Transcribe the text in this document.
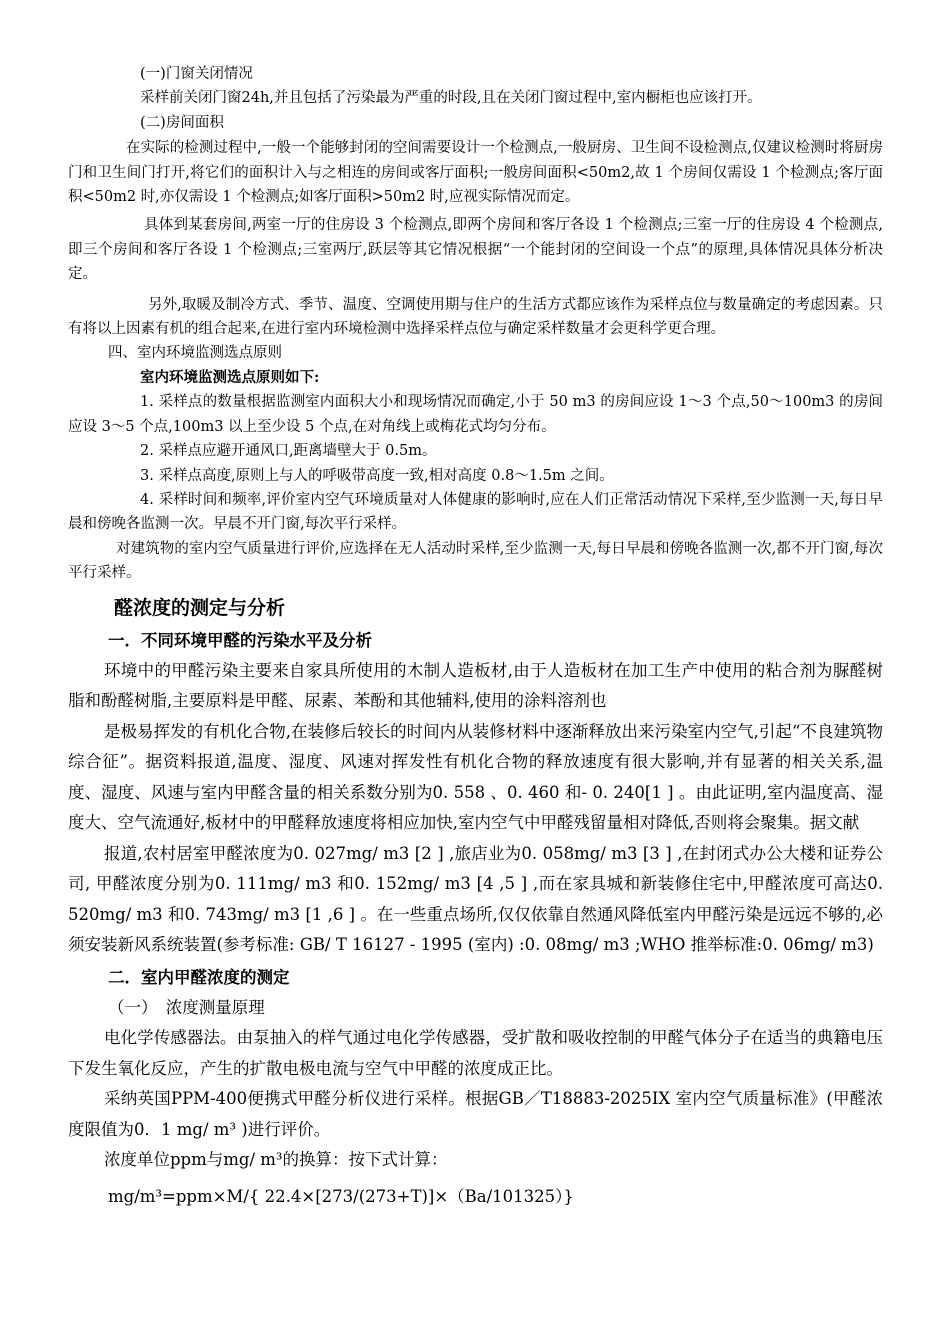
(一)门窗关闭情况

采样前关闭门窗24h,并且包括了污染最为严重的时段,且在关闭门窗过程中,室内橱柜也应该打开。

(二)房间面积

在实际的检测过程中,一般一个能够封闭的空间需要设计一个检测点,一般厨房、卫生间不设检测点,仅建议检测时将厨房门和卫生间门打开,将它们的面积计入与之相连的房间或客厅面积;一般房间面积<50m2,故 1 个房间仅需设 1 个检测点;客厅面积<50m2 时,亦仅需设 1 个检测点;如客厅面积>50m2 时,应视实际情况而定。

具体到某套房间,两室一厅的住房设 3 个检测点,即两个房间和客厅各设 1 个检测点;三室一厅的住房设 4 个检测点,即三个房间和客厅各设 1 个检测点;三室两厅,跃层等其它情况根据“一个能封闭的空间设一个点”的原理,具体情况具体分析决定。

另外,取暖及制冷方式、季节、温度、空调使用期与住户的生活方式都应该作为采样点位与数量确定的考虑因素。只有将以上因素有机的组合起来,在进行室内环境检测中选择采样点位与确定采样数量才会更科学更合理。

四、室内环境监测选点原则

室内环境监测选点原则如下:

1. 采样点的数量根据监测室内面积大小和现场情况而确定,小于 50 m3 的房间应设 1～3 个点,50～100m3 的房间应设 3～5 个点,100m3 以上至少设 5 个点,在对角线上或梅花式均匀分布。

2. 采样点应避开通风口,距离墙壁大于 0.5m。

3. 采样点高度,原则上与人的呼吸带高度一致,相对高度 0.8～1.5m 之间。

4. 采样时间和频率,评价室内空气环境质量对人体健康的影响时,应在人们正常活动情况下采样,至少监测一天,每日早晨和傍晚各监测一次。早晨不开门窗,每次平行采样。

对建筑物的室内空气质量进行评价,应选择在无人活动时采样,至少监测一天,每日早晨和傍晚各监测一次,都不开门窗,每次平行采样。

醛浓度的测定与分析
一．不同环境甲醛的污染水平及分析

环境中的甲醛污染主要来自家具所使用的木制人造板材,由于人造板材在加工生产中使用的粘合剂为脲醛树脂和酚醛树脂,主要原料是甲醛、尿素、苯酚和其他辅料,使用的涂料溶剂也

是极易挥发的有机化合物,在装修后较长的时间内从装修材料中逐渐释放出来污染室内空气,引起“不良建筑物综合征”。据资料报道,温度、湿度、风速对挥发性有机化合物的释放速度有很大影响,并有显著的相关关系,温度、湿度、风速与室内甲醛含量的相关系数分别为0. 558 、0. 460 和- 0. 240[1 ] 。由此证明,室内温度高、湿度大、空气流通好,板材中的甲醛释放速度将相应加快,室内空气中甲醛残留量相对降低,否则将会聚集。据文献

报道,农村居室甲醛浓度为0. 027mg/ m3 [2 ] ,旅店业为0. 058mg/ m3 [3 ] ,在封闭式办公大楼和证券公司, 甲醛浓度分别为0. 111mg/ m3 和0. 152mg/ m3 [4 ,5 ] ,而在家具城和新装修住宅中,甲醛浓度可高达0. 520mg/ m3 和0. 743mg/ m3 [1 ,6 ] 。在一些重点场所,仅仅依靠自然通风降低室内甲醛污染是远远不够的,必须安装新风系统装置(参考标准: GB/ T 16127 - 1995 (室内) :0. 08mg/ m3 ;WHO 推举标准:0. 06mg/ m3)

二．室内甲醛浓度的测定

（一）　浓度测量原理

电化学传感器法。由泵抽入的样气通过电化学传感器，受扩散和吸收控制的甲醛气体分子在适当的典籍电压下发生氧化反应，产生的扩散电极电流与空气中甲醛的浓度成正比。

采纳英国PPM-400便携式甲醛分析仪进行采样。根据GB／T18883-2025IX 室内空气质量标准》(甲醛浓度限值为0．1 mg/ m³ )进行评价。

浓度单位ppm与mg/ m³的换算：按下式计算：

mg/m³=ppm×M/{ 22.4×[273/(273+T)]×（Ba/101325）}
